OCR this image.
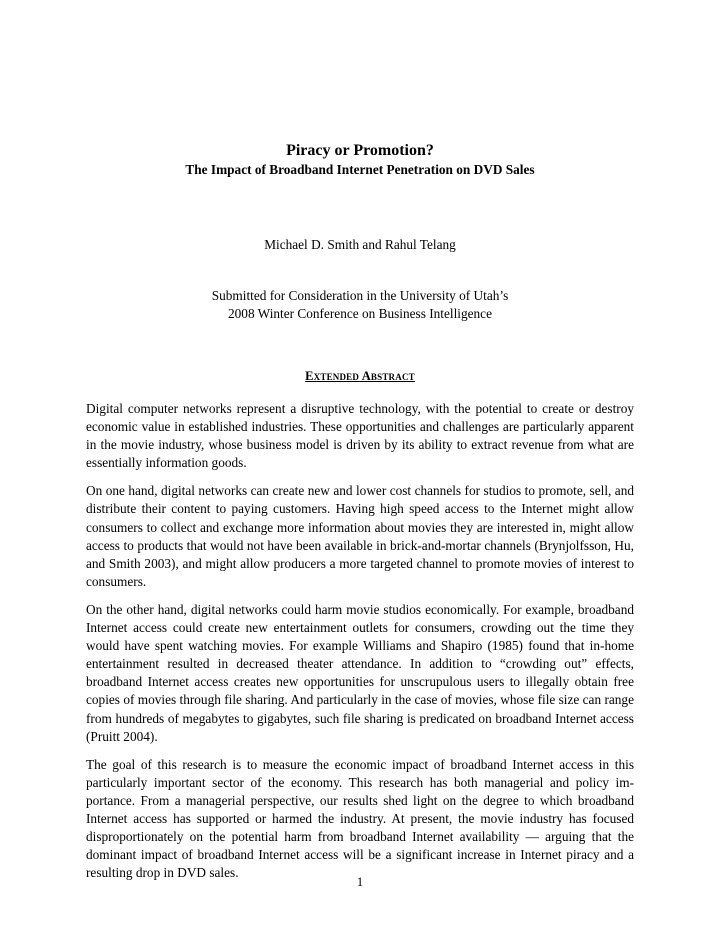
Piracy or Promotion?
The Impact of Broadband Internet Penetration on DVD Sales
Michael D. Smith and Rahul Telang
Submitted for Consideration in the University of Utah’s
2008 Winter Conference on Business Intelligence
Extended Abstract

Digital computer networks represent a disruptive technology, with the potential to create or destroy economic value in established industries. These opportunities and challenges are particularly apparent in the movie industry, whose business model is driven by its ability to extract revenue from what are essentially information goods.

On one hand, digital networks can create new and lower cost channels for studios to promote, sell, and distribute their content to paying customers. Having high speed access to the Internet might allow consumers to collect and exchange more information about movies they are interested in, might allow access to products that would not have been available in brick-and-mortar channels (Brynjolfsson, Hu, and Smith 2003), and might allow producers a more targeted channel to promote movies of interest to consumers.

On the other hand, digital networks could harm movie studios economically. For example, broadband Internet access could create new entertainment outlets for consumers, crowding out the time they would have spent watching movies. For example Williams and Shapiro (1985) found that in-home entertainment resulted in decreased theater attendance. In addition to “crowding out” effects, broadband Internet access creates new opportunities for unscrupulous users to illegally obtain free copies of movies through file sharing. And particularly in the case of movies, whose file size can range from hundreds of megabytes to gigabytes, such file sharing is predicated on broadband Internet access (Pruitt 2004).

The goal of this research is to measure the economic impact of broadband Internet access in this particularly important sector of the economy. This research has both managerial and policy importance. From a managerial perspective, our results shed light on the degree to which broadband Internet access has supported or harmed the industry. At present, the movie industry has focused disproportionately on the potential harm from broadband Internet availability — arguing that the dominant impact of broadband Internet access will be a significant increase in Internet piracy and a resulting drop in DVD sales.

1
